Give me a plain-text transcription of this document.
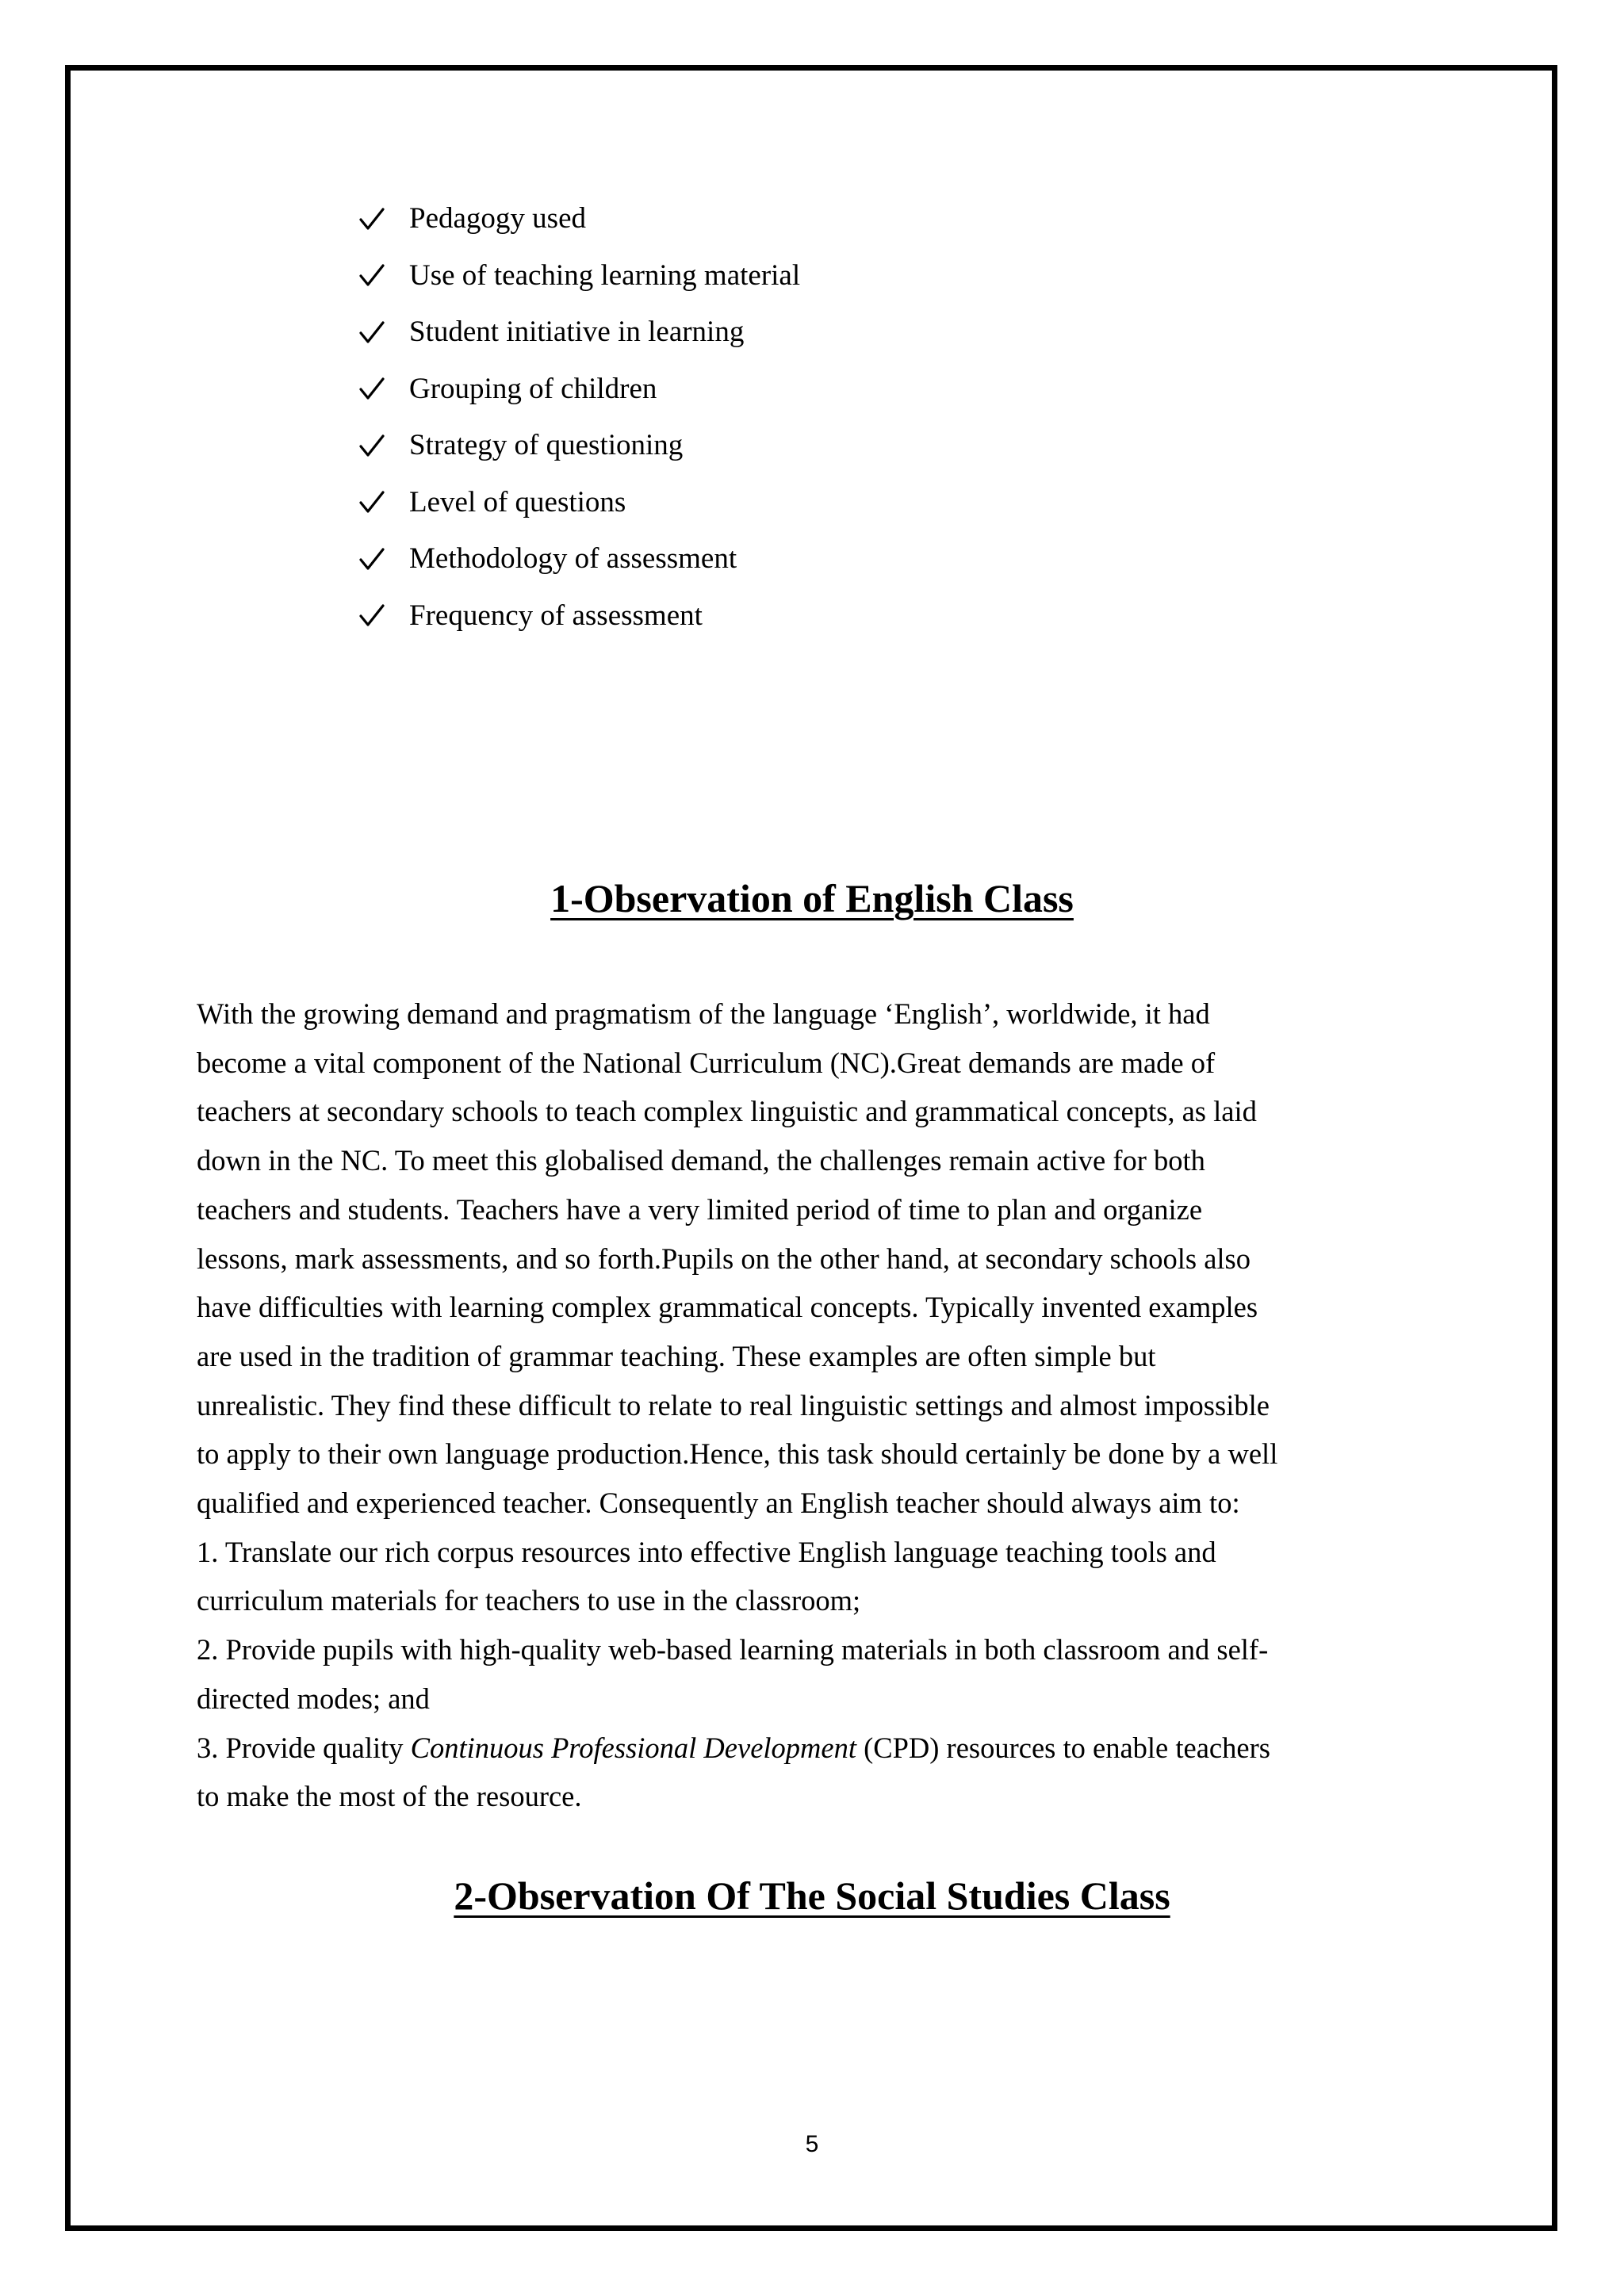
Pedagogy used
Use of teaching learning material
Student initiative in learning
Grouping of children
Strategy of questioning
Level of questions
Methodology of assessment
Frequency of assessment
1-Observation of English Class
With the growing demand and pragmatism of the language ‘English’, worldwide, it had
become a vital component of the National Curriculum (NC).Great demands are made of
teachers at secondary schools to teach complex linguistic and grammatical concepts, as laid
down in the NC. To meet this globalised demand, the challenges remain active for both
teachers and students. Teachers have a very limited period of time to plan and organize
lessons, mark assessments, and so forth.Pupils on the other hand, at secondary schools also
have difficulties with learning complex grammatical concepts. Typically invented examples
are used in the tradition of grammar teaching. These examples are often simple but
unrealistic. They find these difficult to relate to real linguistic settings and almost impossible
to apply to their own language production.Hence, this task should certainly be done by a well
qualified and experienced teacher. Consequently an English teacher should always aim to:
1. Translate our rich corpus resources into effective English language teaching tools and
curriculum materials for teachers to use in the classroom;
2. Provide pupils with high-quality web-based learning materials in both classroom and self-
directed modes; and
3. Provide quality Continuous Professional Development (CPD) resources to enable teachers
to make the most of the resource.
2-Observation Of The Social Studies Class
5
